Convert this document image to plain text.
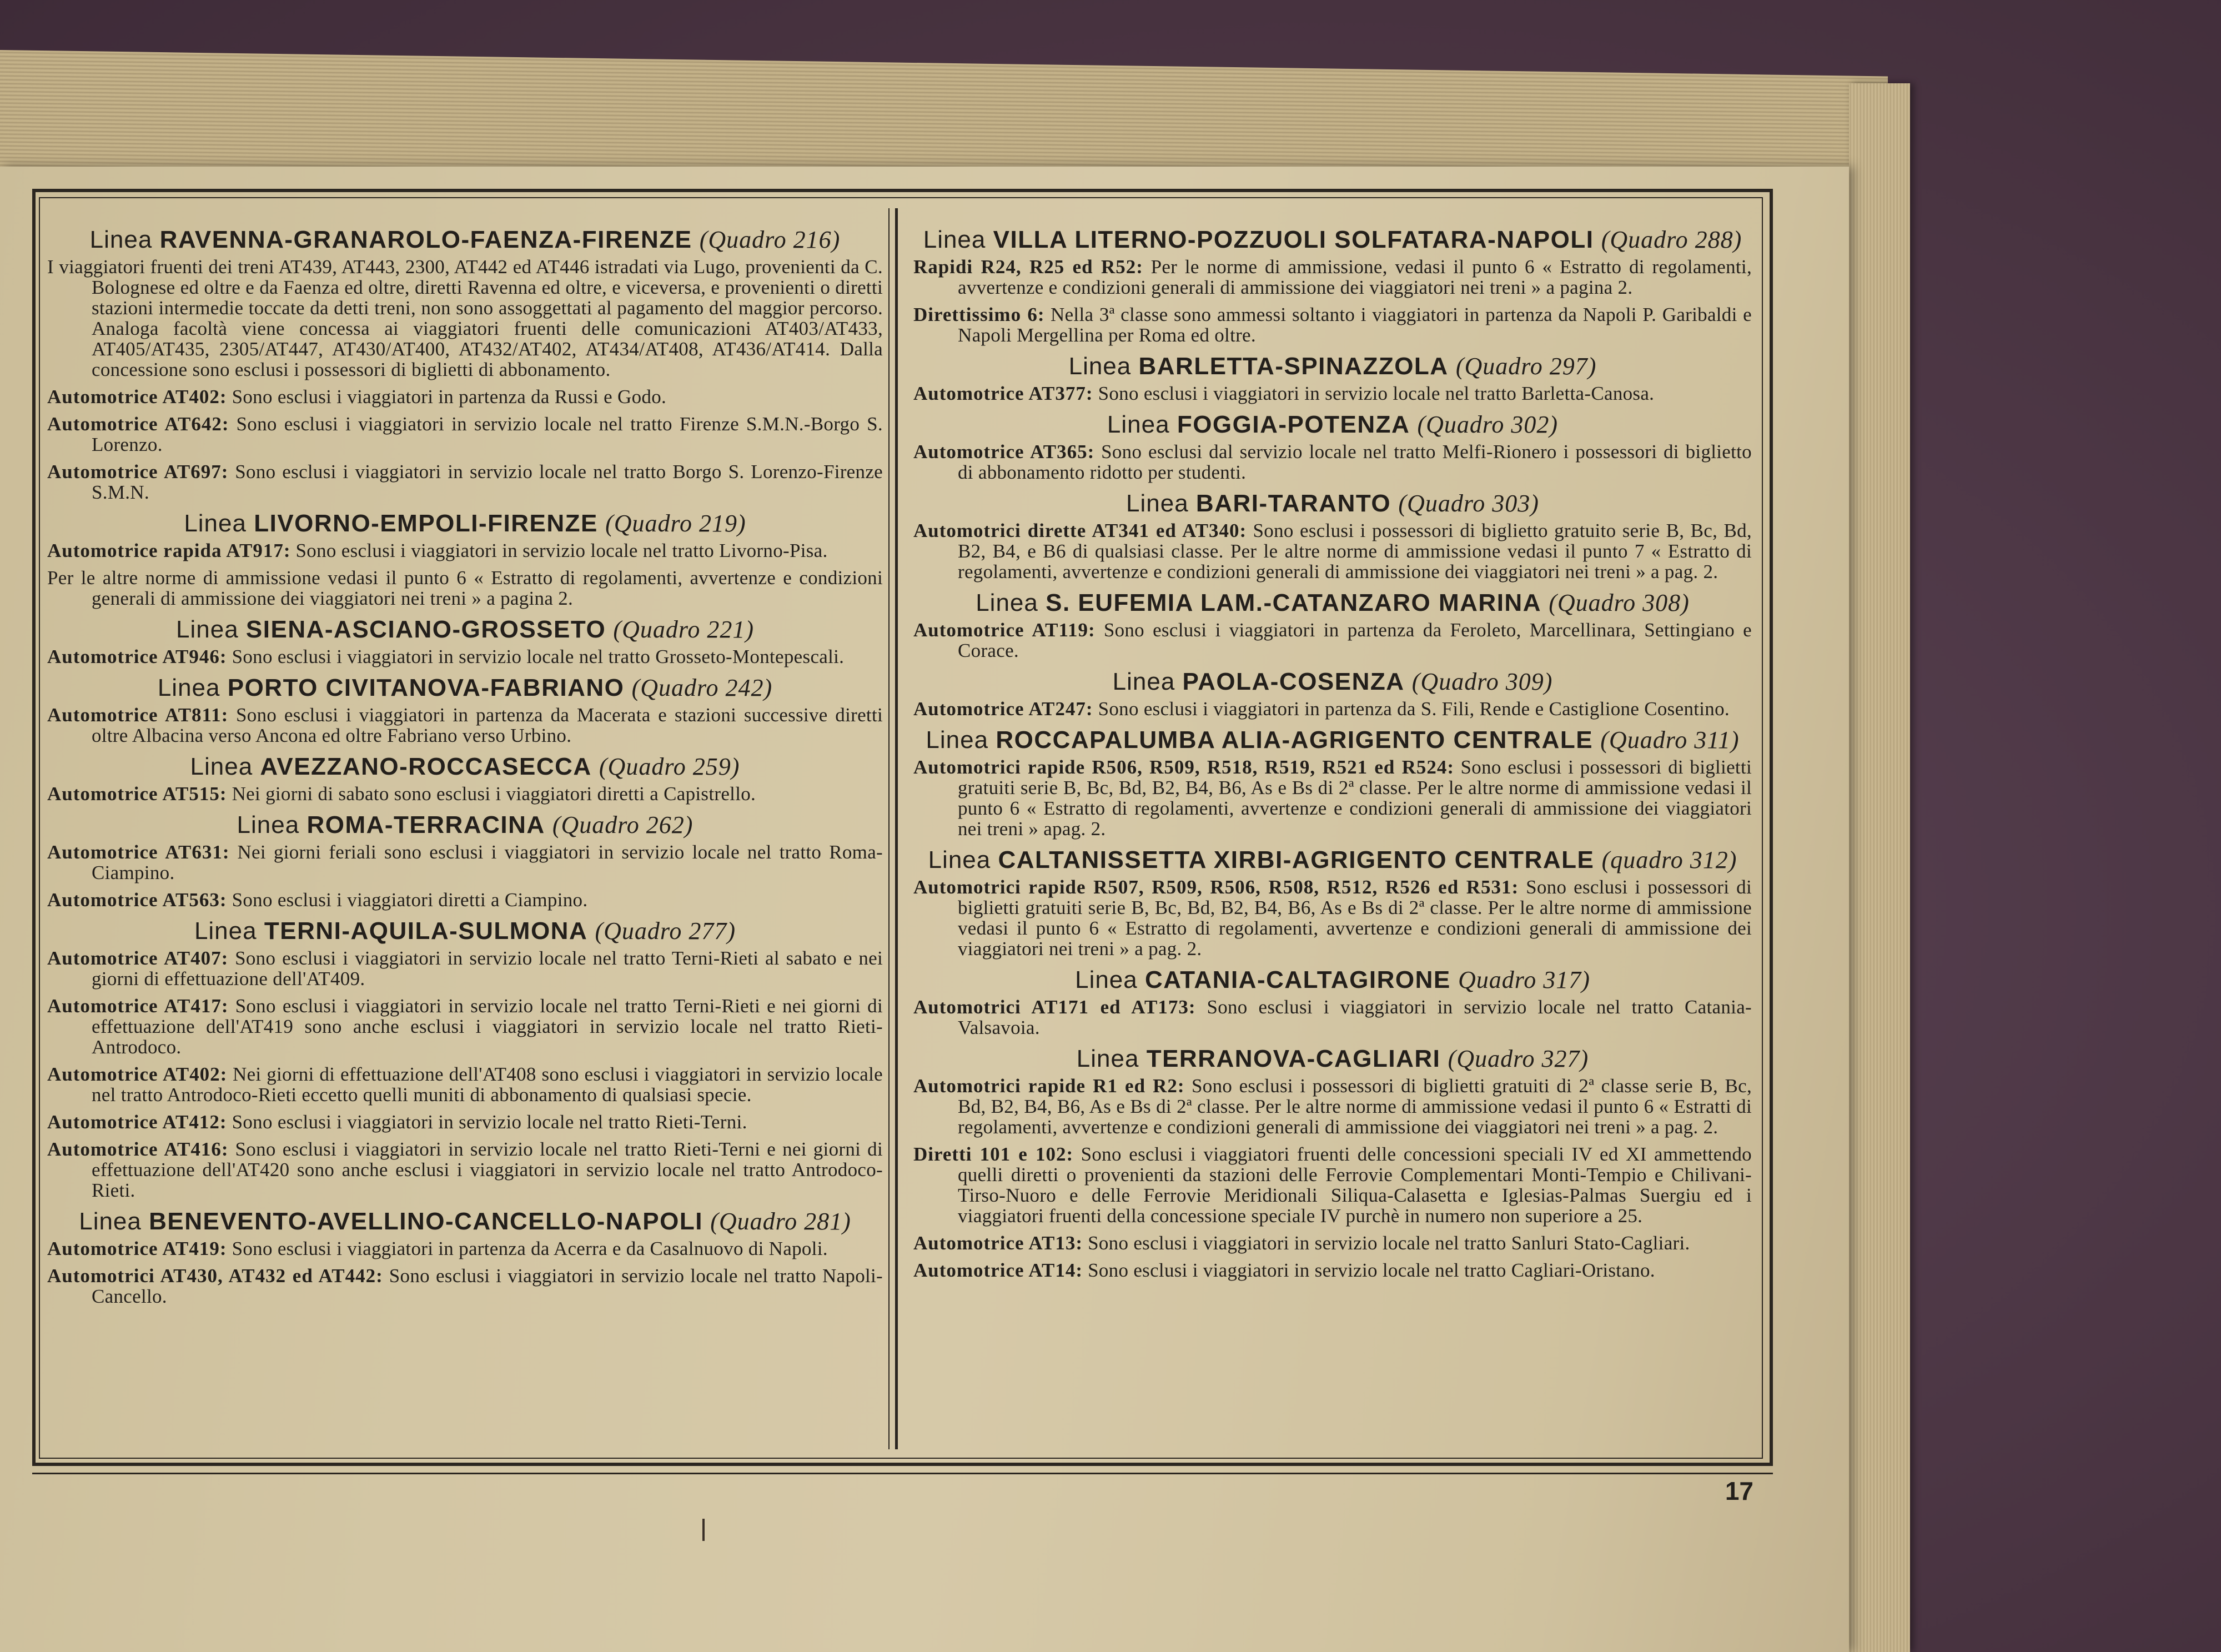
Linea RAVENNA-GRANAROLO-FAENZA-FIRENZE (Quadro 216)
I viaggiatori fruenti dei treni AT439, AT443, 2300, AT442 ed AT446 istradati via Lugo, provenienti da C. Bolognese ed oltre e da Faenza ed oltre, diretti Ravenna ed oltre, e viceversa, e provenienti o diretti stazioni intermedie toccate da detti treni, non sono assoggettati al pagamento del maggior percorso. Analoga facoltà viene concessa ai viaggiatori fruenti delle comunicazioni AT403/AT433, AT405/AT435, 2305/AT447, AT430/AT400, AT432/AT402, AT434/AT408, AT436/AT414. Dalla concessione sono esclusi i possessori di biglietti di abbonamento.
Automotrice AT402: Sono esclusi i viaggiatori in partenza da Russi e Godo.
Automotrice AT642: Sono esclusi i viaggiatori in servizio locale nel tratto Firenze S.M.N.-Borgo S. Lorenzo.
Automotrice AT697: Sono esclusi i viaggiatori in servizio locale nel tratto Borgo S. Lorenzo-Firenze S.M.N.
Linea LIVORNO-EMPOLI-FIRENZE (Quadro 219)
Automotrice rapida AT917: Sono esclusi i viaggiatori in servizio locale nel tratto Livorno-Pisa.
Per le altre norme di ammissione vedasi il punto 6 « Estratto di regolamenti, avvertenze e condizioni generali di ammissione dei viaggiatori nei treni » a pagina 2.
Linea SIENA-ASCIANO-GROSSETO (Quadro 221)
Automotrice AT946: Sono esclusi i viaggiatori in servizio locale nel tratto Grosseto-Montepescali.
Linea PORTO CIVITANOVA-FABRIANO (Quadro 242)
Automotrice AT811: Sono esclusi i viaggiatori in partenza da Macerata e stazioni successive diretti oltre Albacina verso Ancona ed oltre Fabriano verso Urbino.
Linea AVEZZANO-ROCCASECCA (Quadro 259)
Automotrice AT515: Nei giorni di sabato sono esclusi i viaggiatori diretti a Capistrello.
Linea ROMA-TERRACINA (Quadro 262)
Automotrice AT631: Nei giorni feriali sono esclusi i viaggiatori in servizio locale nel tratto Roma-Ciampino.
Automotrice AT563: Sono esclusi i viaggiatori diretti a Ciampino.
Linea TERNI-AQUILA-SULMONA (Quadro 277)
Automotrice AT407: Sono esclusi i viaggiatori in servizio locale nel tratto Terni-Rieti al sabato e nei giorni di effettuazione dell'AT409.
Automotrice AT417: Sono esclusi i viaggiatori in servizio locale nel tratto Terni-Rieti e nei giorni di effettuazione dell'AT419 sono anche esclusi i viaggiatori in servizio locale nel tratto Rieti-Antrodoco.
Automotrice AT402: Nei giorni di effettuazione dell'AT408 sono esclusi i viaggiatori in servizio locale nel tratto Antrodoco-Rieti eccetto quelli muniti di abbonamento di qualsiasi specie.
Automotrice AT412: Sono esclusi i viaggiatori in servizio locale nel tratto Rieti-Terni.
Automotrice AT416: Sono esclusi i viaggiatori in servizio locale nel tratto Rieti-Terni e nei giorni di effettuazione dell'AT420 sono anche esclusi i viaggiatori in servizio locale nel tratto Antrodoco-Rieti.
Linea BENEVENTO-AVELLINO-CANCELLO-NAPOLI (Quadro 281)
Automotrice AT419: Sono esclusi i viaggiatori in partenza da Acerra e da Casalnuovo di Napoli.
Automotrici AT430, AT432 ed AT442: Sono esclusi i viaggiatori in servizio locale nel tratto Napoli-Cancello.
Linea VILLA LITERNO-POZZUOLI SOLFATARA-NAPOLI (Quadro 288)
Rapidi R24, R25 ed R52: Per le norme di ammissione, vedasi il punto 6 « Estratto di regolamenti, avvertenze e condizioni generali di ammissione dei viaggiatori nei treni » a pagina 2.
Direttissimo 6: Nella 3ª classe sono ammessi soltanto i viaggiatori in partenza da Napoli P. Garibaldi e Napoli Mergellina per Roma ed oltre.
Linea BARLETTA-SPINAZZOLA (Quadro 297)
Automotrice AT377: Sono esclusi i viaggiatori in servizio locale nel tratto Barletta-Canosa.
Linea FOGGIA-POTENZA (Quadro 302)
Automotrice AT365: Sono esclusi dal servizio locale nel tratto Melfi-Rionero i possessori di biglietto di abbonamento ridotto per studenti.
Linea BARI-TARANTO (Quadro 303)
Automotrici dirette AT341 ed AT340: Sono esclusi i possessori di biglietto gratuito serie B, Bc, Bd, B2, B4, e B6 di qualsiasi classe. Per le altre norme di ammissione vedasi il punto 7 « Estratto di regolamenti, avvertenze e condizioni generali di ammissione dei viaggiatori nei treni » a pag. 2.
Linea S. EUFEMIA LAM.-CATANZARO MARINA (Quadro 308)
Automotrice AT119: Sono esclusi i viaggiatori in partenza da Feroleto, Marcellinara, Settingiano e Corace.
Linea PAOLA-COSENZA (Quadro 309)
Automotrice AT247: Sono esclusi i viaggiatori in partenza da S. Fili, Rende e Castiglione Cosentino.
Linea ROCCAPALUMBA ALIA-AGRIGENTO CENTRALE (Quadro 311)
Automotrici rapide R506, R509, R518, R519, R521 ed R524: Sono esclusi i possessori di biglietti gratuiti serie B, Bc, Bd, B2, B4, B6, As e Bs di 2ª classe. Per le altre norme di ammissione vedasi il punto 6 « Estratto di regolamenti, avvertenze e condizioni generali di ammissione dei viaggiatori nei treni » apag. 2.
Linea CALTANISSETTA XIRBI-AGRIGENTO CENTRALE (quadro 312)
Automotrici rapide R507, R509, R506, R508, R512, R526 ed R531: Sono esclusi i possessori di biglietti gratuiti serie B, Bc, Bd, B2, B4, B6, As e Bs di 2ª classe. Per le altre norme di ammissione vedasi il punto 6 « Estratto di regolamenti, avvertenze e condizioni generali di ammissione dei viaggiatori nei treni » a pag. 2.
Linea CATANIA-CALTAGIRONE Quadro 317)
Automotrici AT171 ed AT173: Sono esclusi i viaggiatori in servizio locale nel tratto Catania-Valsavoia.
Linea TERRANOVA-CAGLIARI (Quadro 327)
Automotrici rapide R1 ed R2: Sono esclusi i possessori di biglietti gratuiti di 2ª classe serie B, Bc, Bd, B2, B4, B6, As e Bs di 2ª classe. Per le altre norme di ammissione vedasi il punto 6 « Estratti di regolamenti, avvertenze e condizioni generali di ammissione dei viaggiatori nei treni » a pag. 2.
Diretti 101 e 102: Sono esclusi i viaggiatori fruenti delle concessioni speciali IV ed XI ammettendo quelli diretti o provenienti da stazioni delle Ferrovie Complementari Monti-Tempio e Chilivani-Tirso-Nuoro e delle Ferrovie Meridionali Siliqua-Calasetta e Iglesias-Palmas Suergiu ed i viaggiatori fruenti della concessione speciale IV purchè in numero non superiore a 25.
Automotrice AT13: Sono esclusi i viaggiatori in servizio locale nel tratto Sanluri Stato-Cagliari.
Automotrice AT14: Sono esclusi i viaggiatori in servizio locale nel tratto Cagliari-Oristano.
17
